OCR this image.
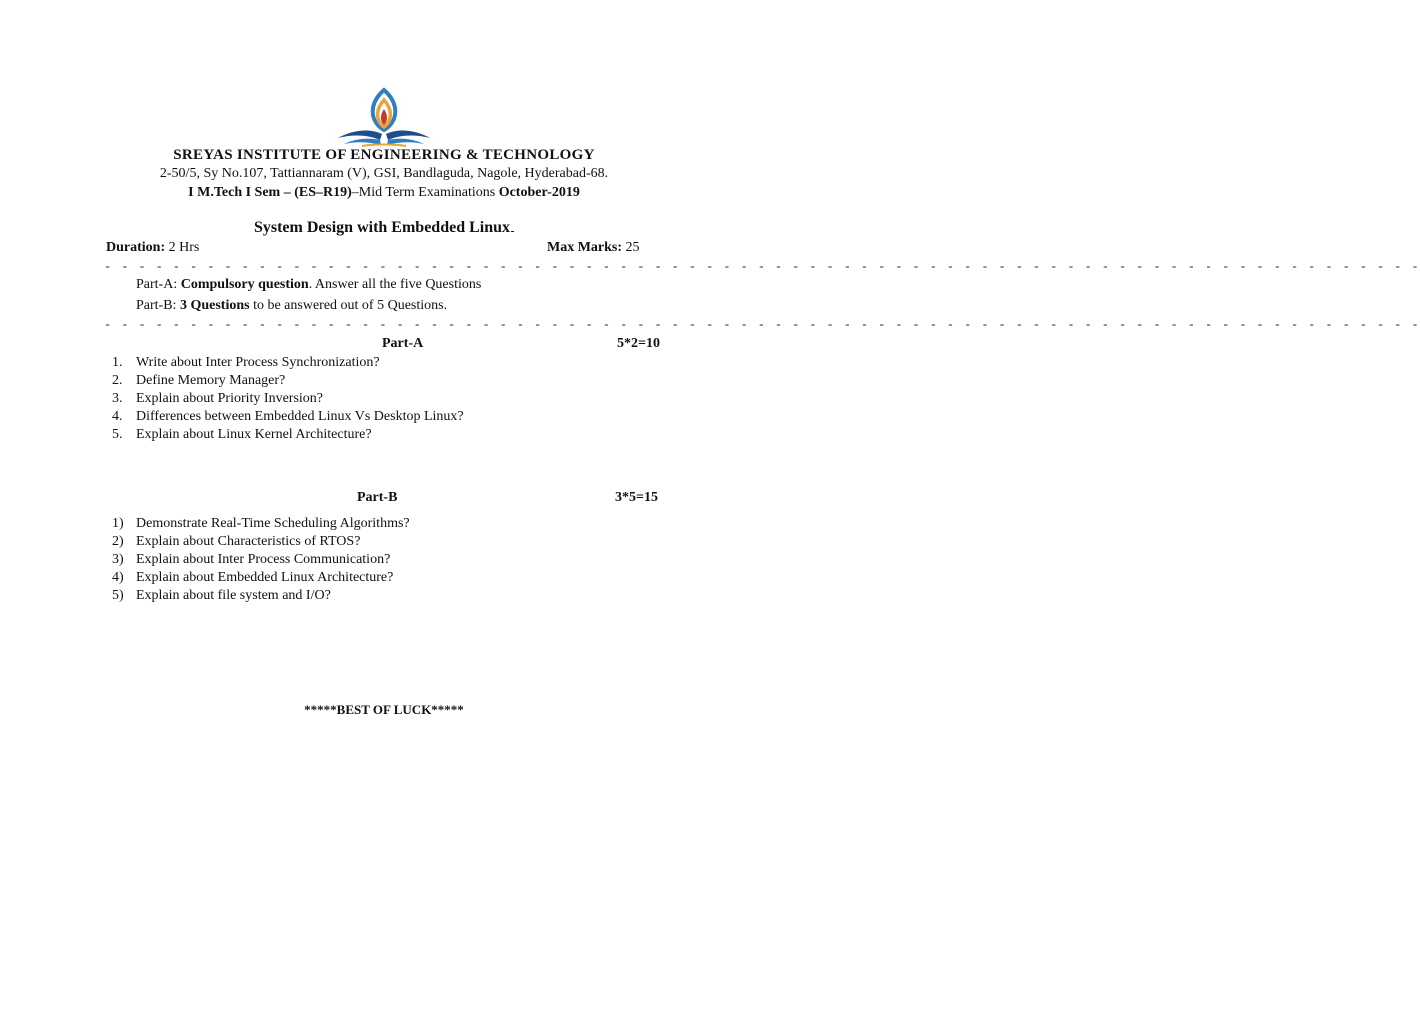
SREYAS INSTITUTE OF ENGINEERING & TECHNOLOGY
2-50/5, Sy No.107, Tattiannaram (V), GSI, Bandlaguda, Nagole, Hyderabad-68.
I M.Tech I Sem – (ES–R19)–Mid Term Examinations October-2019
System Design with Embedded Linux
Duration: 2 Hrs	Max Marks: 25
- - - - - - - - - - - - - - - - - - - - - - - - - - - - - - - - - - - - - - - - - - - - - - - - - - - - - - - - - - - - - - - - - - - - - - - - - - - - -
Part-A: Compulsory question. Answer all the five Questions
Part-B: 3 Questions to be answered out of 5 Questions.
- - - - - - - - - - - - - - - - - - - - - - - - - - - - - - - - - - - - - - - - - - - - - - - - - - - - - - - - - - - - - - - - - - - - - - - - - - - - -
Part-A	5*2=10
1. Write about Inter Process Synchronization?
2. Define Memory Manager?
3. Explain about Priority Inversion?
4. Differences between Embedded Linux Vs Desktop Linux?
5. Explain about Linux Kernel Architecture?
Part-B	3*5=15
1) Demonstrate Real-Time Scheduling Algorithms?
2) Explain about Characteristics of RTOS?
3) Explain about Inter Process Communication?
4) Explain about Embedded Linux Architecture?
5) Explain about file system and I/O?
*****BEST OF LUCK*****
